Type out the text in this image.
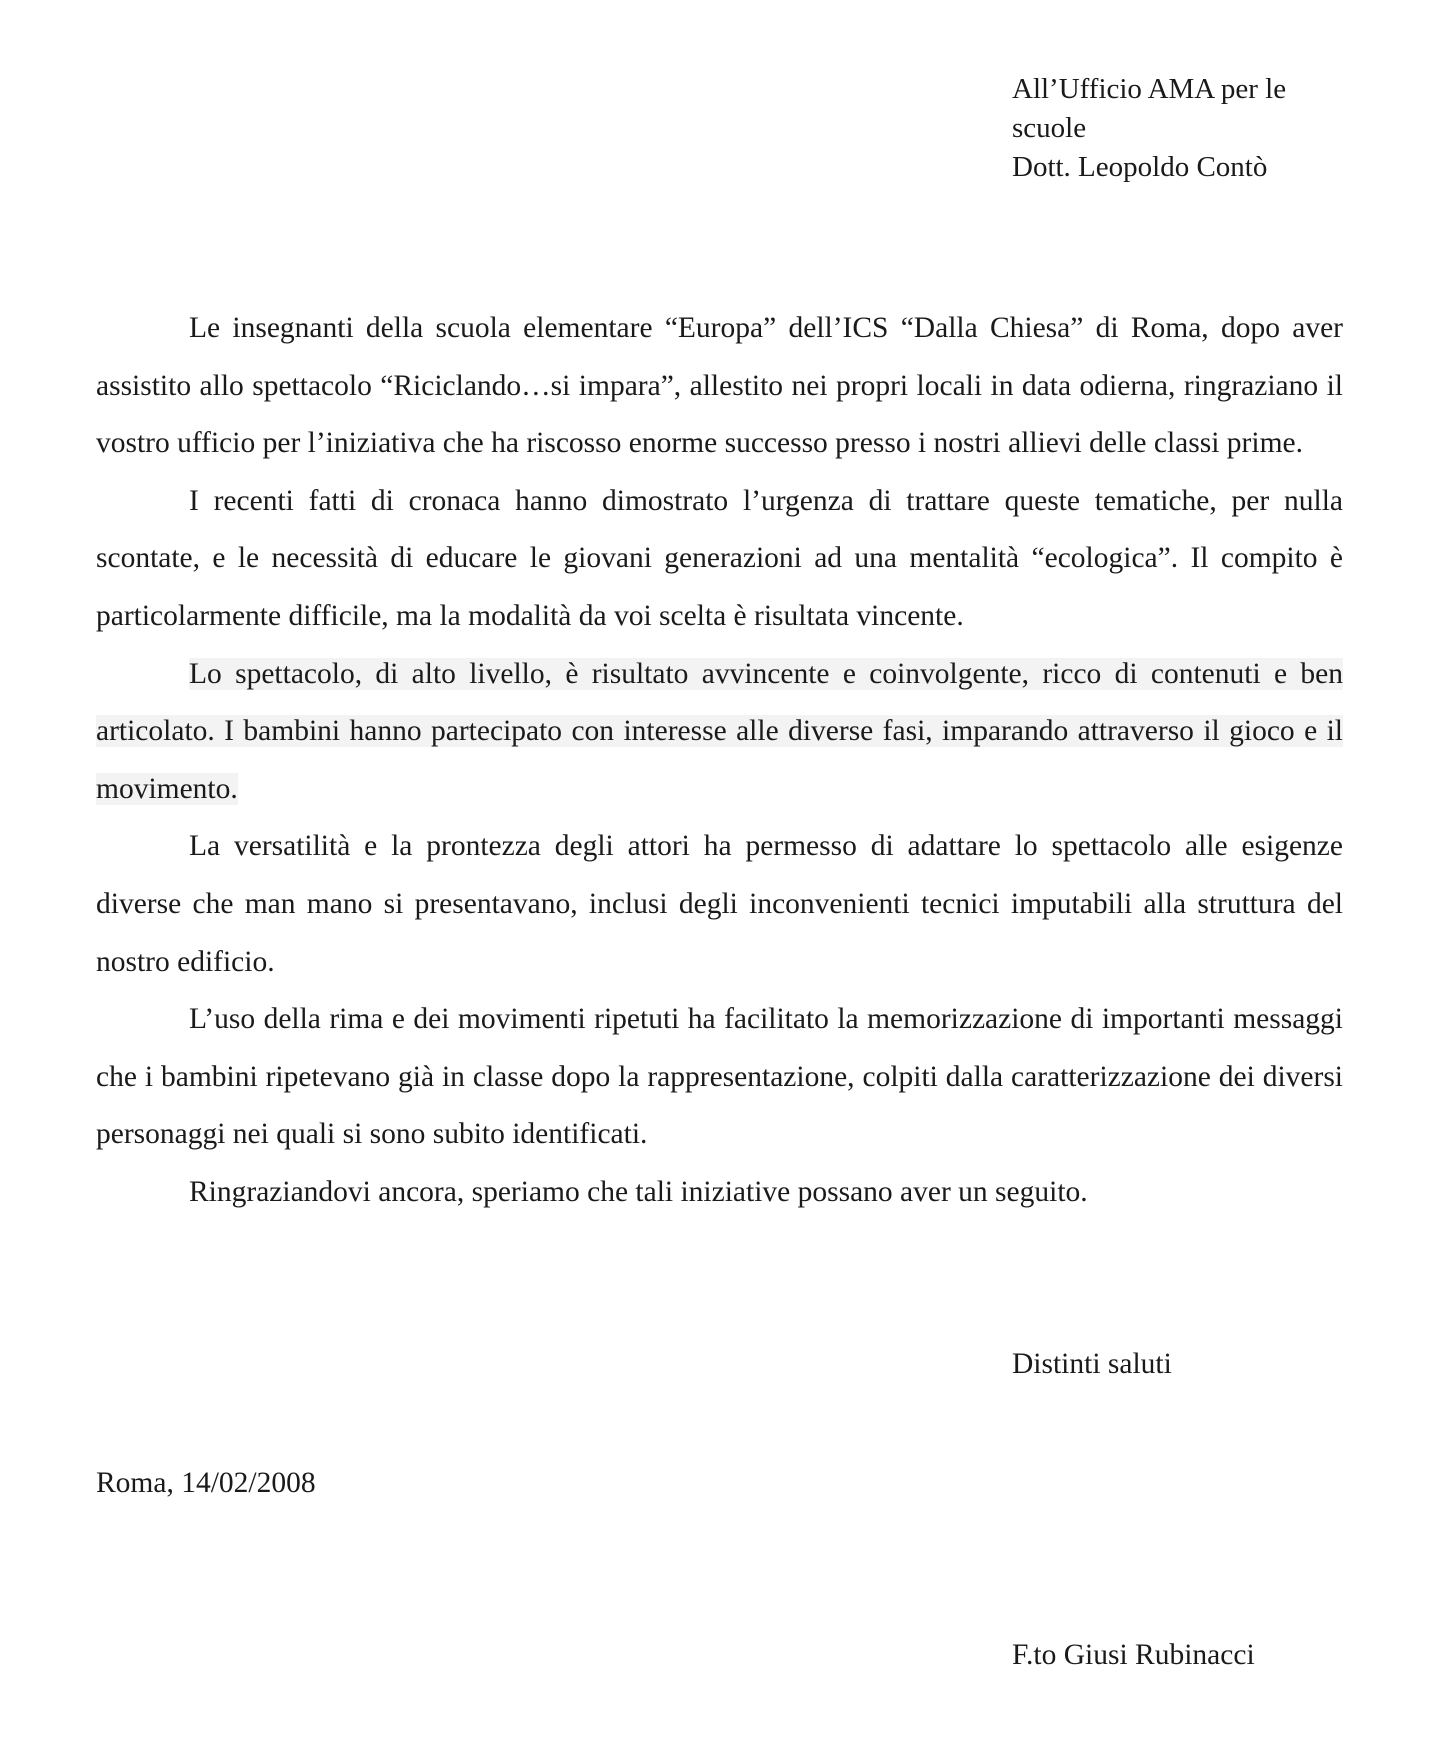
All’Ufficio AMA per le
scuole
Dott. Leopoldo Contò

Le insegnanti della scuola elementare “Europa” dell’ICS “Dalla Chiesa” di Roma, dopo aver assistito allo spettacolo “Riciclando…si impara”, allestito nei propri locali in data odierna, ringraziano il vostro ufficio per l’iniziativa che ha riscosso enorme successo presso i nostri allievi delle classi prime.

I recenti fatti di cronaca hanno dimostrato l’urgenza di trattare queste tematiche, per nulla scontate, e le necessità di educare le giovani generazioni ad una mentalità “ecologica”. Il compito è particolarmente difficile, ma la modalità da voi scelta è risultata vincente.

Lo spettacolo, di alto livello, è risultato avvincente e coinvolgente, ricco di contenuti e ben articolato. I bambini hanno partecipato con interesse alle diverse fasi, imparando attraverso il gioco e il movimento.

La versatilità e la prontezza degli attori ha permesso di adattare lo spettacolo alle esigenze diverse che man mano si presentavano, inclusi degli inconvenienti tecnici imputabili alla struttura del nostro edificio.

L’uso della rima e dei movimenti ripetuti ha facilitato la memorizzazione di importanti messaggi che i bambini ripetevano già in classe dopo la rappresentazione, colpiti dalla caratterizzazione dei diversi personaggi nei quali si sono subito identificati.

Ringraziandovi ancora, speriamo che tali iniziative possano aver un seguito.

Distinti saluti
Roma, 14/02/2008
F.to Giusi Rubinacci
